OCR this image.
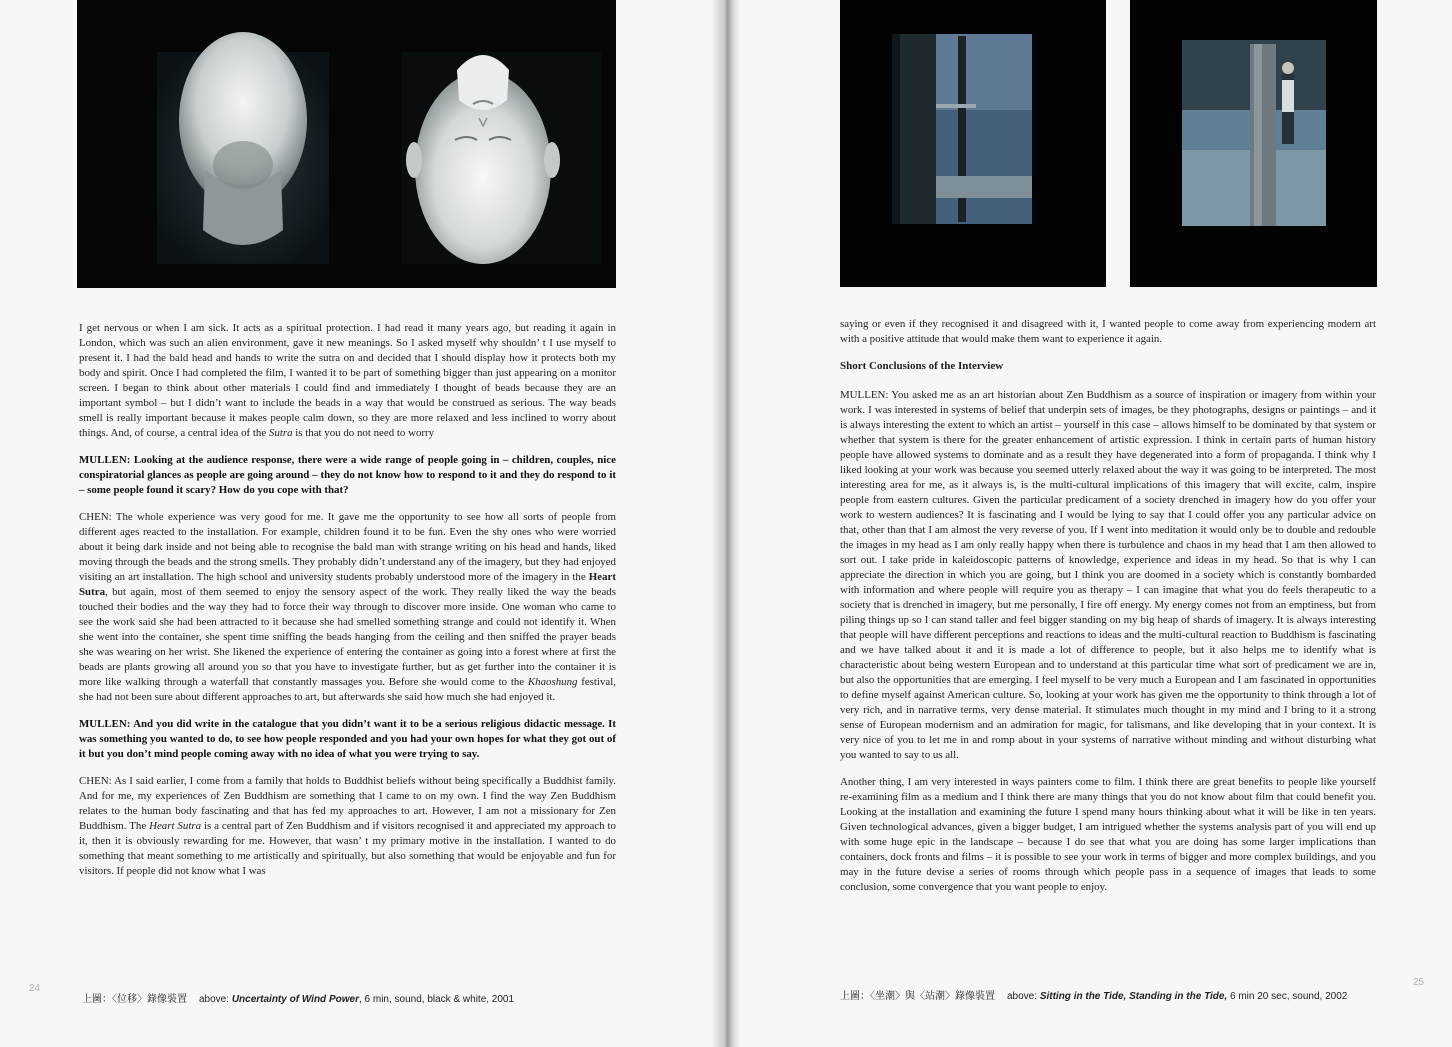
I get nervous or when I am sick. It acts as a spiritual protection. I had read it many years ago, but reading it again in London, which was such an alien environment, gave it new meanings. So I asked myself why shouldn’ t I use myself to present it. I had the bald head and hands to write the sutra on and decided that I should display how it protects both my body and spirit. Once I had completed the film, I wanted it to be part of something bigger than just appearing on a monitor screen. I began to think about other materials I could find and immediately I thought of beads because they are an important symbol – but I didn’t want to include the beads in a way that would be construed as serious. The way beads smell is really important because it makes people calm down, so they are more relaxed and less inclined to worry about things. And, of course, a central idea of the Sutra is that you do not need to worry

MULLEN: Looking at the audience response, there were a wide range of people going in – children, couples, nice conspiratorial glances as people are going around – they do not know how to respond to it and they do respond to it – some people found it scary? How do you cope with that?

CHEN: The whole experience was very good for me. It gave me the opportunity to see how all sorts of people from different ages reacted to the installation. For example, children found it to be fun. Even the shy ones who were worried about it being dark inside and not being able to recognise the bald man with strange writing on his head and hands, liked moving through the beads and the strong smells. They probably didn’t understand any of the imagery, but they had enjoyed visiting an art installation. The high school and university students probably understood more of the imagery in the Heart Sutra, but again, most of them seemed to enjoy the sensory aspect of the work. They really liked the way the beads touched their bodies and the way they had to force their way through to discover more inside. One woman who came to see the work said she had been attracted to it because she had smelled something strange and could not identify it. When she went into the container, she spent time sniffing the beads hanging from the ceiling and then sniffed the prayer beads she was wearing on her wrist. She likened the experience of entering the container as going into a forest where at first the beads are plants growing all around you so that you have to investigate further, but as get further into the container it is more like walking through a waterfall that constantly massages you. Before she would come to the Khaoshung festival, she had not been sure about different approaches to art, but afterwards she said how much she had enjoyed it.

MULLEN: And you did write in the catalogue that you didn’t want it to be a serious religious didactic message. It was something you wanted to do, to see how people responded and you had your own hopes for what they got out of it but you don’t mind people coming away with no idea of what you were trying to say.

CHEN: As I said earlier, I come from a family that holds to Buddhist beliefs without being specifically a Buddhist family. And for me, my experiences of Zen Buddhism are something that I came to on my own. I find the way Zen Buddhism relates to the human body fascinating and that has fed my approaches to art. However, I am not a missionary for Zen Buddhism. The Heart Sutra is a central part of Zen Buddhism and if visitors recognised it and appreciated my approach to it, then it is obviously rewarding for me. However, that wasn’ t my primary motive in the installation. I wanted to do something that meant something to me artistically and spiritually, but also something that would be enjoyable and fun for visitors. If people did not know what I was

24
上圖：〈位移〉錄像裝置 above: Uncertainty of Wind Power, 6 min, sound, black & white, 2001

saying or even if they recognised it and disagreed with it, I wanted people to come away from experiencing modern art with a positive attitude that would make them want to experience it again.

Short Conclusions of the Interview

MULLEN: You asked me as an art historian about Zen Buddhism as a source of inspiration or imagery from within your work. I was interested in systems of belief that underpin sets of images, be they photographs, designs or paintings – and it is always interesting the extent to which an artist – yourself in this case – allows himself to be dominated by that system or whether that system is there for the greater enhancement of artistic expression. I think in certain parts of human history people have allowed systems to dominate and as a result they have degenerated into a form of propaganda. I think why I liked looking at your work was because you seemed utterly relaxed about the way it was going to be interpreted. The most interesting area for me, as it always is, is the multi-cultural implications of this imagery that will excite, calm, inspire people from eastern cultures. Given the particular predicament of a society drenched in imagery how do you offer your work to western audiences? It is fascinating and I would be lying to say that I could offer you any particular advice on that, other than that I am almost the very reverse of you. If I went into meditation it would only be to double and redouble the images in my head as I am only really happy when there is turbulence and chaos in my head that I am then allowed to sort out. I take pride in kaleidoscopic patterns of knowledge, experience and ideas in my head. So that is why I can appreciate the direction in which you are going, but I think you are doomed in a society which is constantly bombarded with information and where people will require you as therapy – I can imagine that what you do feels therapeutic to a society that is drenched in imagery, but me personally, I fire off energy. My energy comes not from an emptiness, but from piling things up so I can stand taller and feel bigger standing on my big heap of shards of imagery. It is always interesting that people will have different perceptions and reactions to ideas and the multi-cultural reaction to Buddhism is fascinating and we have talked about it and it is made a lot of difference to people, but it also helps me to identify what is characteristic about being western European and to understand at this particular time what sort of predicament we are in, but also the opportunities that are emerging. I feel myself to be very much a European and I am fascinated in opportunities to define myself against American culture. So, looking at your work has given me the opportunity to think through a lot of very rich, and in narrative terms, very dense material. It stimulates much thought in my mind and I bring to it a strong sense of European modernism and an admiration for magic, for talismans, and like developing that in your context. It is very nice of you to let me in and romp about in your systems of narrative without minding and without disturbing what you wanted to say to us all.

Another thing, I am very interested in ways painters come to film. I think there are great benefits to people like yourself re-examining film as a medium and I think there are many things that you do not know about film that could benefit you. Looking at the installation and examining the future I spend many hours thinking about what it will be like in ten years. Given technological advances, given a bigger budget, I am intrigued whether the systems analysis part of you will end up with some huge epic in the landscape – because I do see that what you are doing has some larger implications than containers, dock fronts and films – it is possible to see your work in terms of bigger and more complex buildings, and you may in the future devise a series of rooms through which people pass in a sequence of images that leads to some conclusion, some convergence that you want people to enjoy.

25
上圖：〈坐潮〉與〈站潮〉錄像裝置 above: Sitting in the Tide, Standing in the Tide, 6 min 20 sec, sound, 2002
